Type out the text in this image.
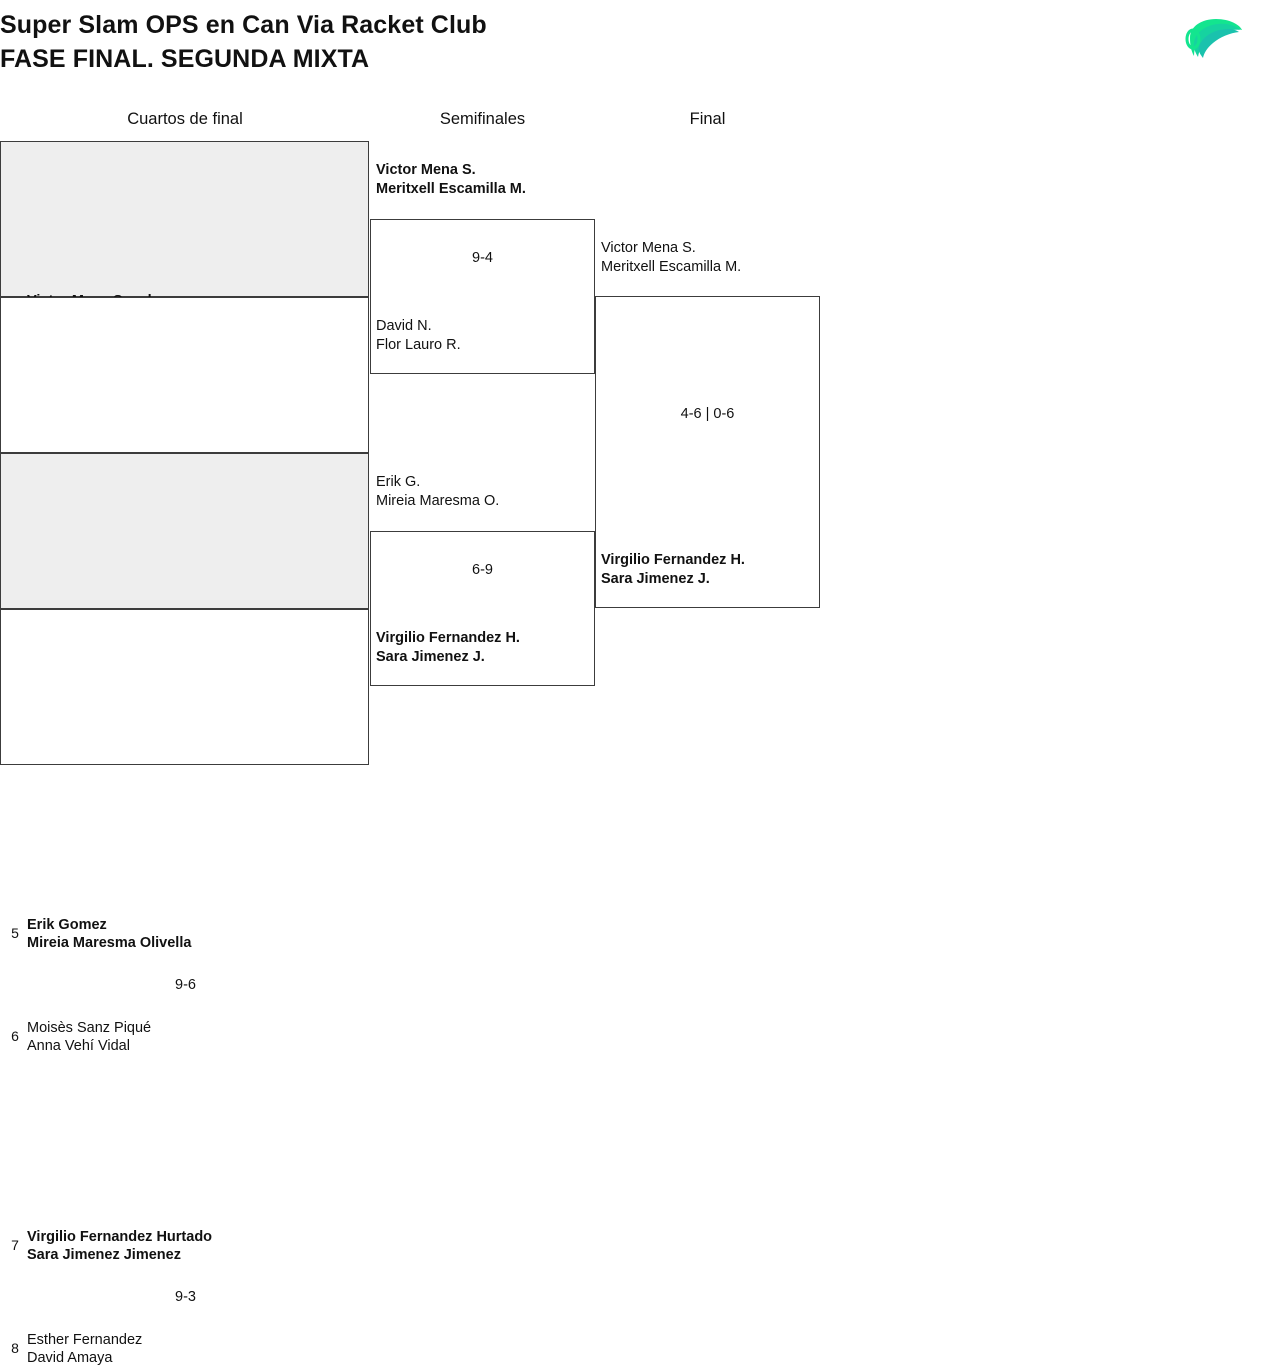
Super Slam OPS en Can Via Racket Club
FASE FINAL. SEGUNDA MIXTA
Cuartos de final	Semifinales	Final
5 Erik Gomez
Mireia Maresma Olivella
9-6
6 Moisès Sanz Piqué
Anna Vehí Vidal
7 Virgilio Fernandez Hurtado
Sara Jimenez Jimenez
9-3
8 Esther Fernandez
David Amaya
Victor Mena S.
Meritxell Escamilla M.
9-4
David N.
Flor Lauro R.
Erik G.
Mireia Maresma O.
6-9
Virgilio Fernandez H.
Sara Jimenez J.
Victor Mena S.
Meritxell Escamilla M.
4-6 | 0-6
Virgilio Fernandez H.
Sara Jimenez J.
